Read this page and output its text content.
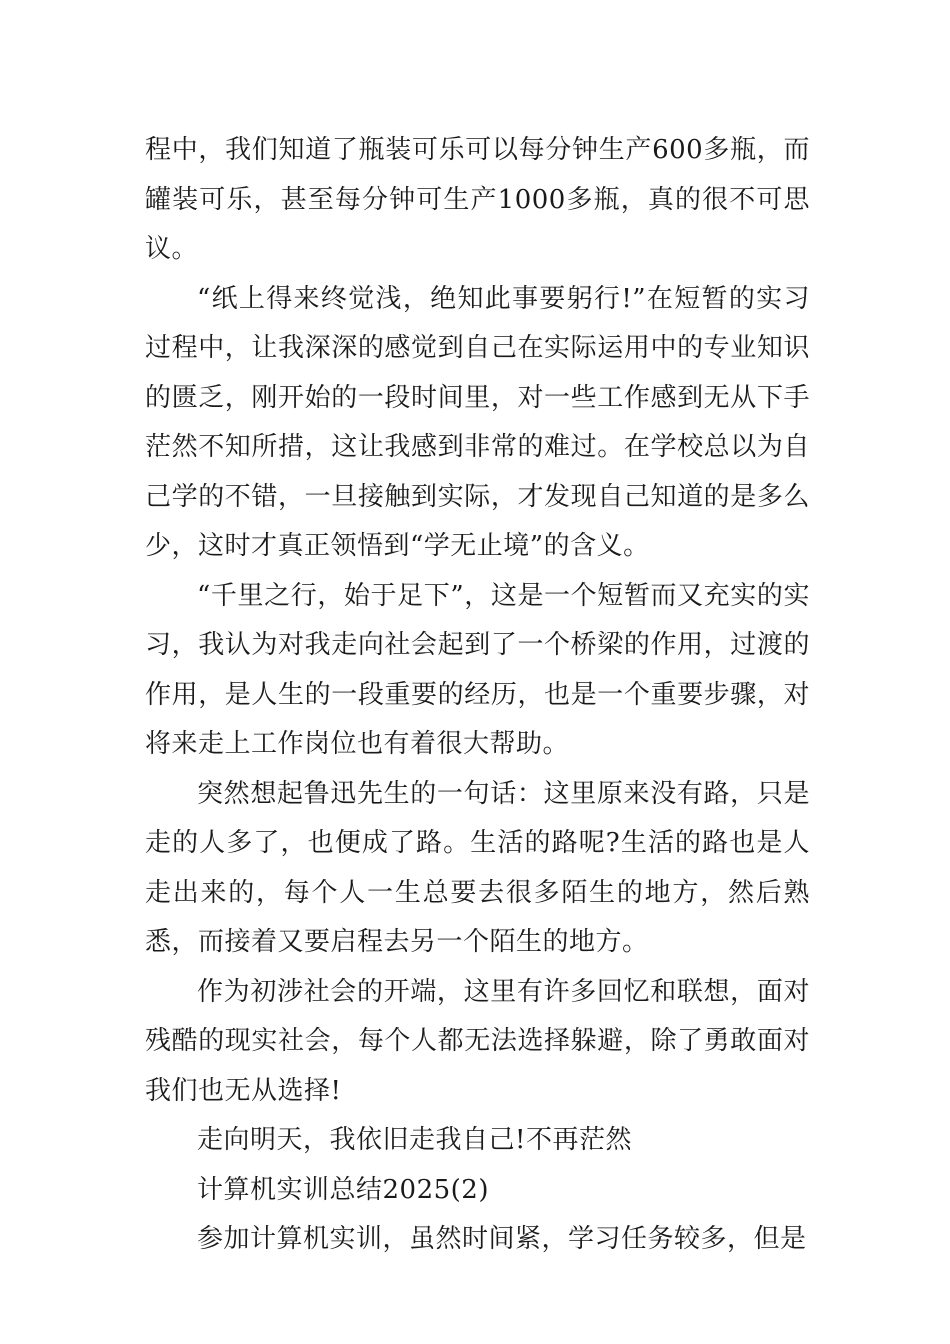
程中，我们知道了瓶装可乐可以每分钟生产600多瓶，而罐装可乐，甚至每分钟可生产1000多瓶，真的很不可思议。

“纸上得来终觉浅，绝知此事要躬行!”在短暂的实习过程中，让我深深的感觉到自己在实际运用中的专业知识的匮乏，刚开始的一段时间里，对一些工作感到无从下手茫然不知所措，这让我感到非常的难过。在学校总以为自己学的不错，一旦接触到实际，才发现自己知道的是多么少，这时才真正领悟到“学无止境”的含义。

“千里之行，始于足下”，这是一个短暂而又充实的实习，我认为对我走向社会起到了一个桥梁的作用，过渡的作用，是人生的一段重要的经历，也是一个重要步骤，对将来走上工作岗位也有着很大帮助。

突然想起鲁迅先生的一句话：这里原来没有路，只是走的人多了，也便成了路。生活的路呢?生活的路也是人走出来的，每个人一生总要去很多陌生的地方，然后熟悉，而接着又要启程去另一个陌生的地方。

作为初涉社会的开端，这里有许多回忆和联想，面对残酷的现实社会，每个人都无法选择躲避，除了勇敢面对我们也无从选择!

走向明天，我依旧走我自己!不再茫然

计算机实训总结2025(2)

参加计算机实训，虽然时间紧，学习任务较多，但是
